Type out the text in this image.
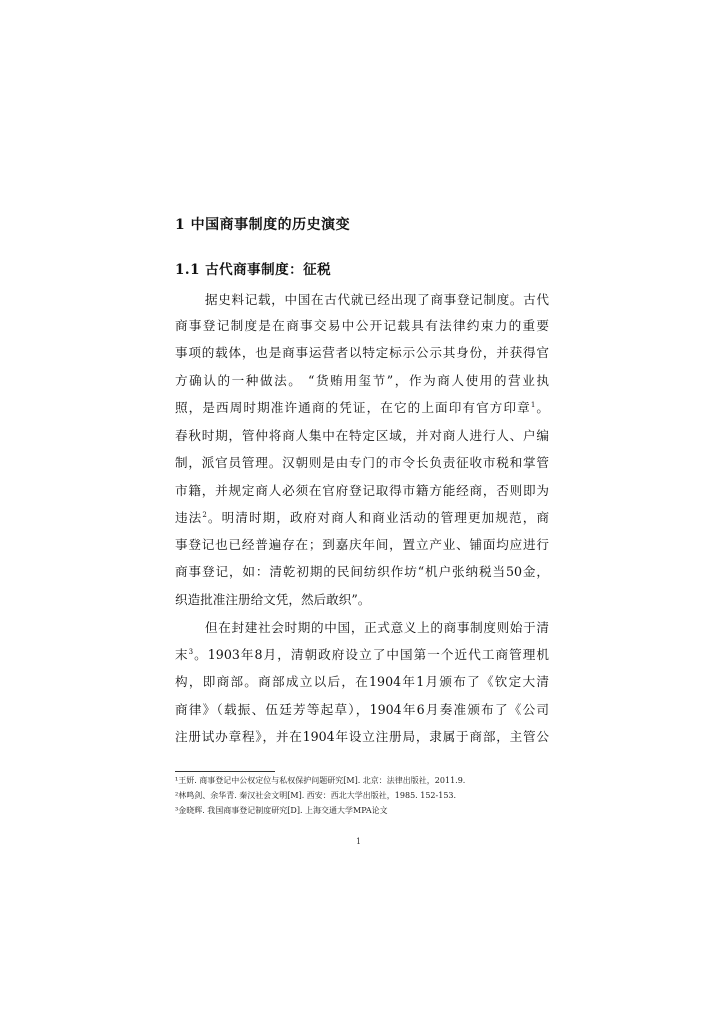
1 中国商事制度的历史演变
1.1 古代商事制度：征税
据史料记载，中国在古代就已经出现了商事登记制度。古代
商事登记制度是在商事交易中公开记载具有法律约束力的重要
事项的载体，也是商事运营者以特定标示公示其身份，并获得官
方确认的一种做法。 “货贿用玺节”，作为商人使用的营业执
照，是西周时期准许通商的凭证，在它的上面印有官方印章$^1$。
春秋时期，管仲将商人集中在特定区域，并对商人进行人、户编
制，派官员管理。汉朝则是由专门的市令长负责征收市税和掌管
市籍，并规定商人必须在官府登记取得市籍方能经商，否则即为
违法$^2$。明清时期，政府对商人和商业活动的管理更加规范，商
事登记也已经普遍存在；到嘉庆年间，置立产业、铺面均应进行
商事登记，如：清乾初期的民间纺织作坊“机户张纳税当50金，
织造批准注册给文凭，然后敢织”。
但在封建社会时期的中国，正式意义上的商事制度则始于清
末$^3$。1903年8月，清朝政府设立了中国第一个近代工商管理机
构，即商部。商部成立以后，在1904年1月颁布了《钦定大清
商律》（载振、伍廷芳等起草），1904年6月奏准颁布了《公司
注册试办章程》，并在1904年设立注册局，隶属于商部，主管公
¹王妍. 商事登记中公权定位与私权保护问题研究[M]. 北京：法律出版社，2011.9.
²林鸣剑、余华青. 秦汉社会文明[M]. 西安：西北大学出版社，1985. 152-153.
³金晓辉. 我国商事登记制度研究[D]. 上海交通大学MPA论文
1
